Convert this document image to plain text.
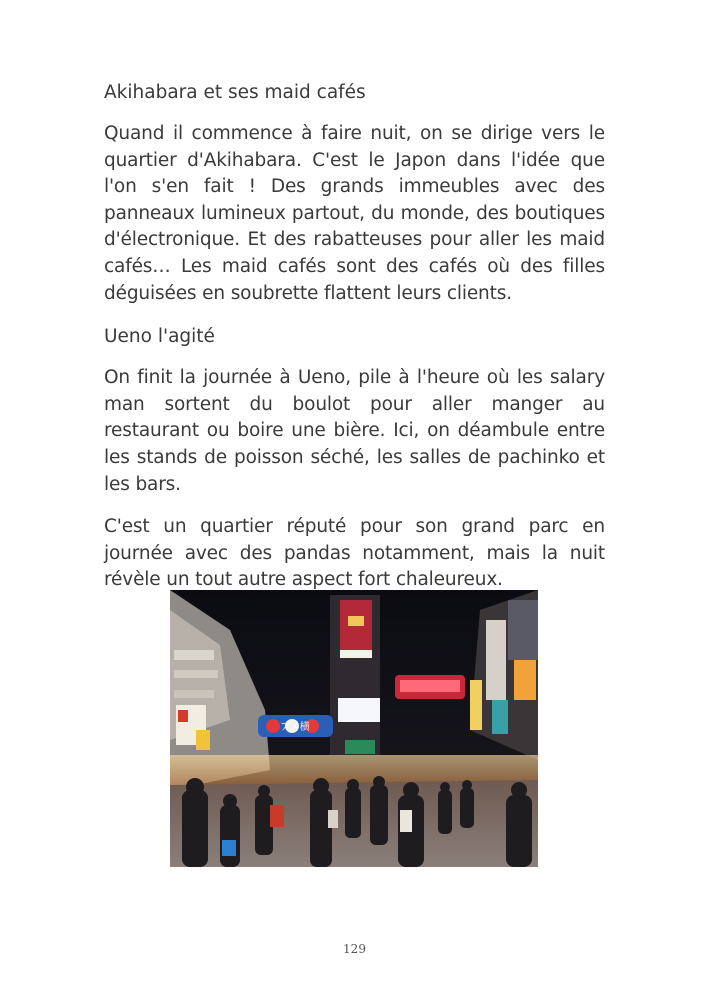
Akihabara et ses maid cafés

Quand il commence à faire nuit, on se dirige vers le quartier d'Akihabara. C'est le Japon dans l'idée que l'on s'en fait ! Des grands immeubles avec des panneaux lumineux partout, du monde, des boutiques d'électronique. Et des rabatteuses pour aller les maid cafés… Les maid cafés sont des cafés où des filles déguisées en soubrette flattent leurs clients.

Ueno l'agité

On finit la journée à Ueno, pile à l'heure où les salary man sortent du boulot pour aller manger au restaurant ou boire une bière. Ici, on déambule entre les stands de poisson séché, les salles de pachinko et les bars.

C'est un quartier réputé pour son grand parc en journée avec des pandas notamment, mais la nuit révèle un tout autre aspect fort chaleureux.

アメ横
129
